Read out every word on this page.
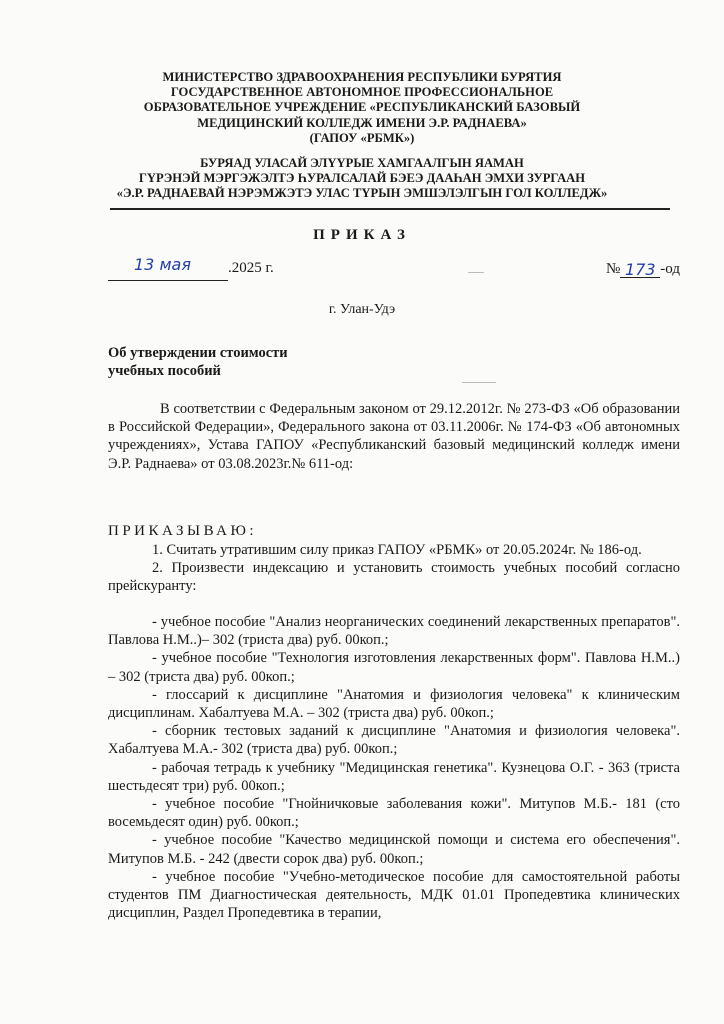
МИНИСТЕРСТВО ЗДРАВООХРАНЕНИЯ РЕСПУБЛИКИ БУРЯТИЯ
ГОСУДАРСТВЕННОЕ АВТОНОМНОЕ ПРОФЕССИОНАЛЬНОЕ
ОБРАЗОВАТЕЛЬНОЕ УЧРЕЖДЕНИЕ «РЕСПУБЛИКАНСКИЙ БАЗОВЫЙ
МЕДИЦИНСКИЙ КОЛЛЕДЖ ИМЕНИ Э.Р. РАДНАЕВА»
(ГАПОУ «РБМК»)
БУРЯАД УЛАСАЙ ЭЛҮҮРЫЕ ХАМГААЛГЫН ЯАМАН
ГҮРЭНЭЙ МЭРГЭЖЭЛТЭ ҺУРАЛСАЛАЙ БЭЕЭ ДААҺАН ЭМХИ ЗУРГААН
«Э.Р. РАДНАЕВАЙ НЭРЭМЖЭТЭ УЛАС ТҮРЫН ЭМШЭЛЭЛГЫН ГОЛ КОЛЛЕДЖ»
ПРИКАЗ
13 мая .2025 г.	№ 173 -од
г. Улан-Удэ
Об утверждении стоимости
учебных пособий

В соответствии с Федеральным законом от 29.12.2012г. № 273-ФЗ «Об образовании в Российской Федерации», Федерального закона от 03.11.2006г. № 174-ФЗ «Об автономных учреждениях», Устава ГАПОУ «Республиканский базовый медицинский колледж имени Э.Р. Раднаева» от 03.08.2023г.№ 611-од:

ПРИКАЗЫВАЮ:

1. Считать утратившим силу приказ ГАПОУ «РБМК» от 20.05.2024г. № 186-од.

2. Произвести индексацию и установить стоимость учебных пособий согласно прейскуранту:

- учебное пособие "Анализ неорганических соединений лекарственных препаратов". Павлова Н.М..)– 302 (триста два) руб. 00коп.;

- учебное пособие "Технология изготовления лекарственных форм". Павлова Н.М..) – 302 (триста два) руб. 00коп.;

- глоссарий к дисциплине "Анатомия и физиология человека" к клиническим дисциплинам. Хабалтуева М.А. – 302 (триста два) руб. 00коп.;

- сборник тестовых заданий к дисциплине "Анатомия и физиология человека". Хабалтуева М.А.- 302 (триста два) руб. 00коп.;

- рабочая тетрадь к учебнику "Медицинская генетика". Кузнецова О.Г. - 363 (триста шестьдесят три) руб. 00коп.;

- учебное пособие "Гнойничковые заболевания кожи". Митупов М.Б.- 181 (сто восемьдесят один) руб. 00коп.;

- учебное пособие "Качество медицинской помощи и система его обеспечения". Митупов М.Б. - 242 (двести сорок два) руб. 00коп.;

- учебное пособие "Учебно-методическое пособие для самостоятельной работы студентов ПМ Диагностическая деятельность, МДК 01.01 Пропедевтика клинических дисциплин, Раздел Пропедевтика в терапии,
